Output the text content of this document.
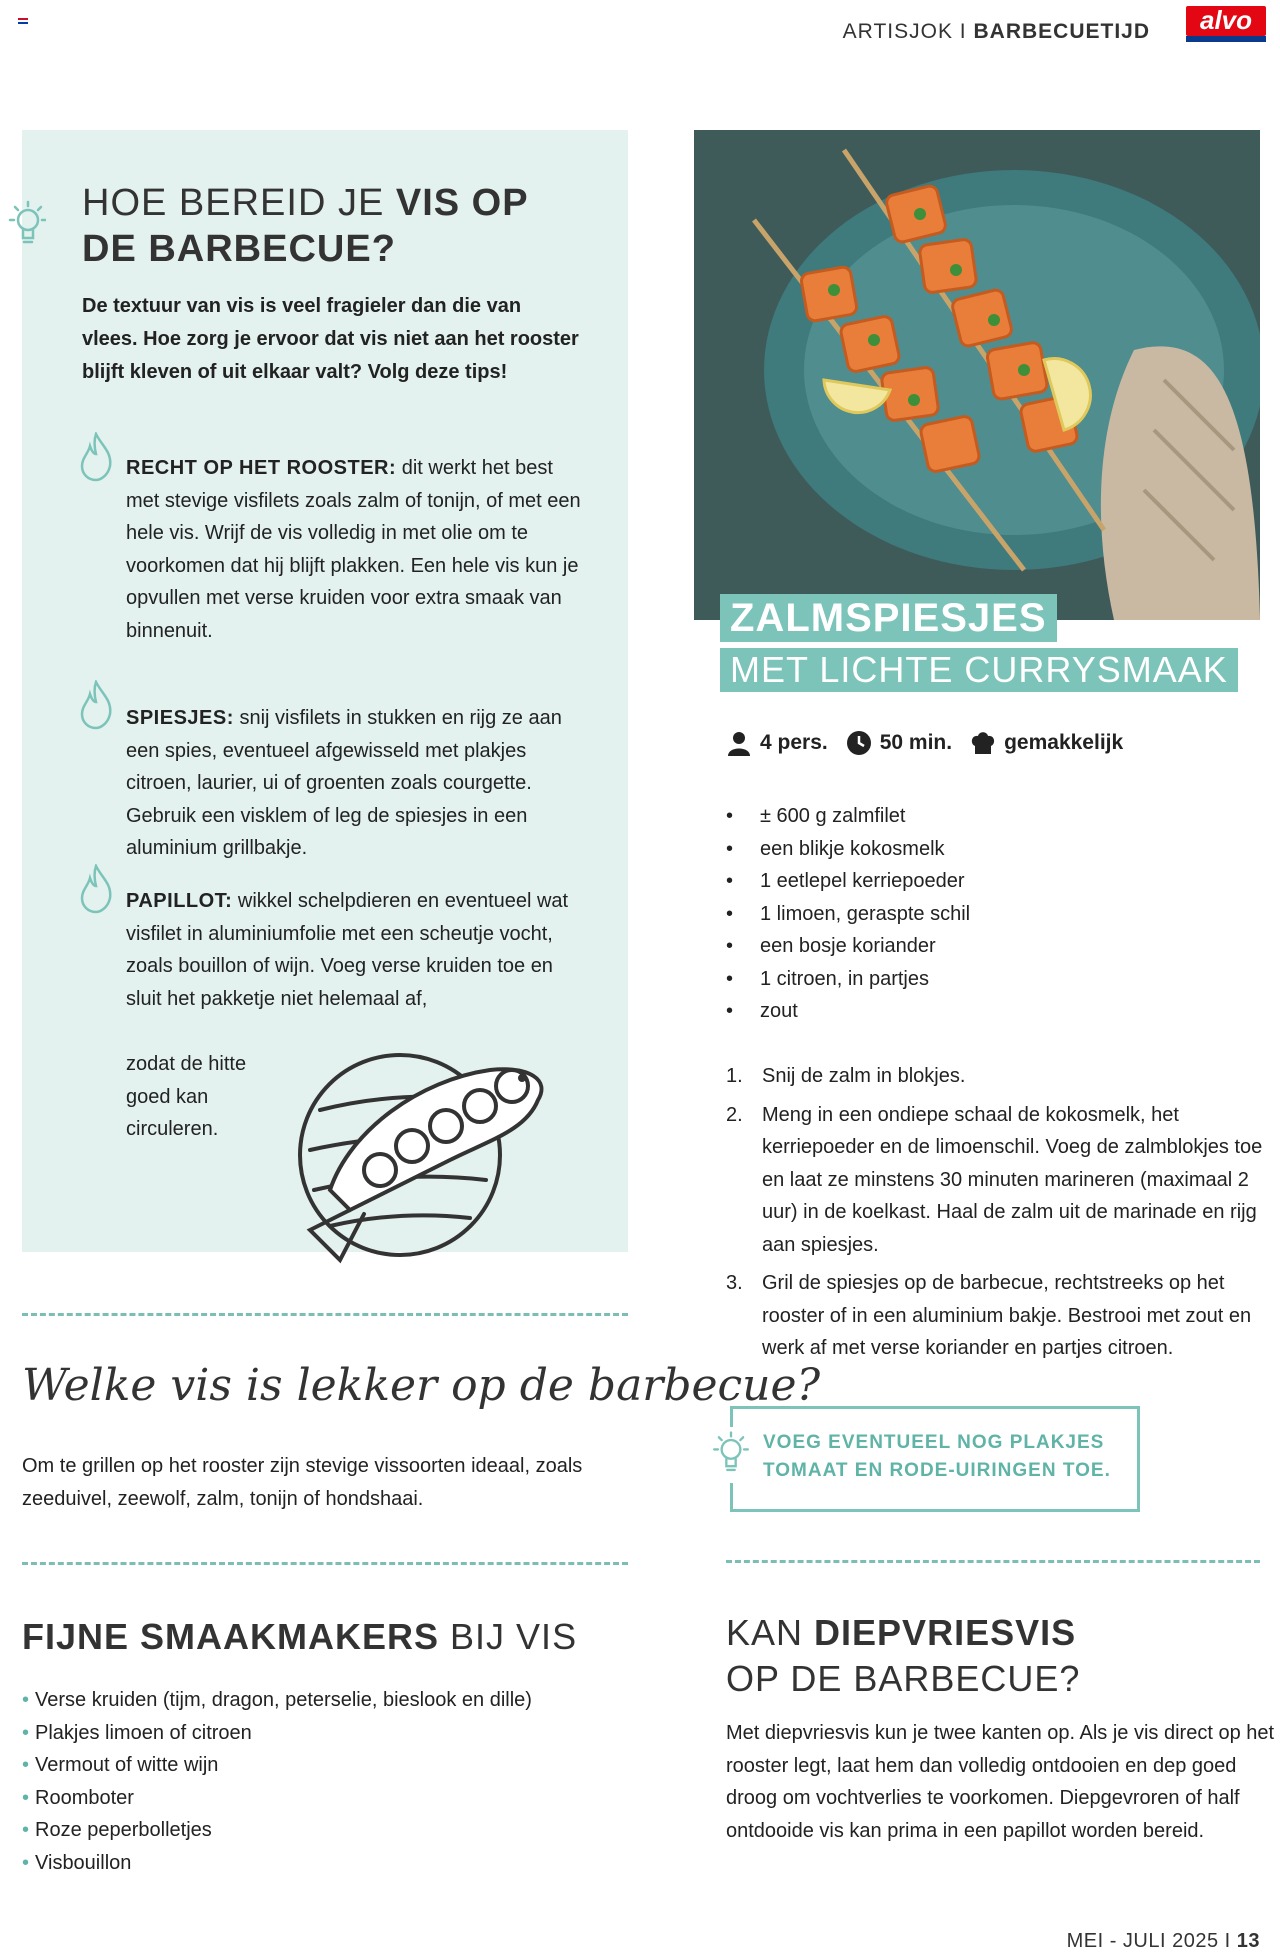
ARTISJOK I BARBECUETIJD	alvo
HOE BEREID JE VIS OP
DE BARBECUE?
De textuur van vis is veel fragieler dan die van vlees. Hoe zorg je ervoor dat vis niet aan het rooster blijft kleven of uit elkaar valt? Volg deze tips!
RECHT OP HET ROOSTER: dit werkt het best met stevige visfilets zoals zalm of tonijn, of met een hele vis. Wrijf de vis volledig in met olie om te voorkomen dat hij blijft plakken. Een hele vis kun je opvullen met verse kruiden voor extra smaak van binnenuit.
SPIESJES: snij visfilets in stukken en rijg ze aan een spies, eventueel afgewisseld met plakjes citroen, laurier, ui of groenten zoals courgette. Gebruik een visklem of leg de spiesjes in een aluminium grillbakje.
PAPILLOT: wikkel schelpdieren en eventueel wat visfilet in aluminiumfolie met een scheutje vocht, zoals bouillon of wijn. Voeg verse kruiden toe en sluit het pakketje niet helemaal af,
zodat de hitte goed kan circuleren.
Welke vis is lekker op de barbecue?
Om te grillen op het rooster zijn stevige vissoorten ideaal, zoals zeeduivel, zeewolf, zalm, tonijn of hondshaai.
FIJNE SMAAKMAKERS BIJ VIS
• Verse kruiden (tijm, dragon, peterselie, bieslook en dille)
• Plakjes limoen of citroen
• Vermout of witte wijn
• Roomboter
• Roze peperbolletjes
• Visbouillon
ZALMSPIESJES
MET LICHTE CURRYSMAAK
4 pers. 50 min. gemakkelijk
• ± 600 g zalmfilet
• een blikje kokosmelk
• 1 eetlepel kerriepoeder
• 1 limoen, geraspte schil
• een bosje koriander
• 1 citroen, in partjes
• zout
1. Snij de zalm in blokjes.
2. Meng in een ondiepe schaal de kokosmelk, het kerriepoeder en de limoenschil. Voeg de zalmblokjes toe en laat ze minstens 30 minuten marineren (maximaal 2 uur) in de koelkast. Haal de zalm uit de marinade en rijg aan spiesjes.
3. Gril de spiesjes op de barbecue, rechtstreeks op het rooster of in een aluminium bakje. Bestrooi met zout en werk af met verse koriander en partjes citroen.
VOEG EVENTUEEL NOG PLAKJES
TOMAAT EN RODE-UIRINGEN TOE.
KAN DIEPVRIESVIS
OP DE BARBECUE?
Met diepvriesvis kun je twee kanten op. Als je vis direct op het rooster legt, laat hem dan volledig ontdooien en dep goed droog om vochtverlies te voorkomen. Diepgevroren of half ontdooide vis kan prima in een papillot worden bereid.
MEI - JULI 2025 I 13
